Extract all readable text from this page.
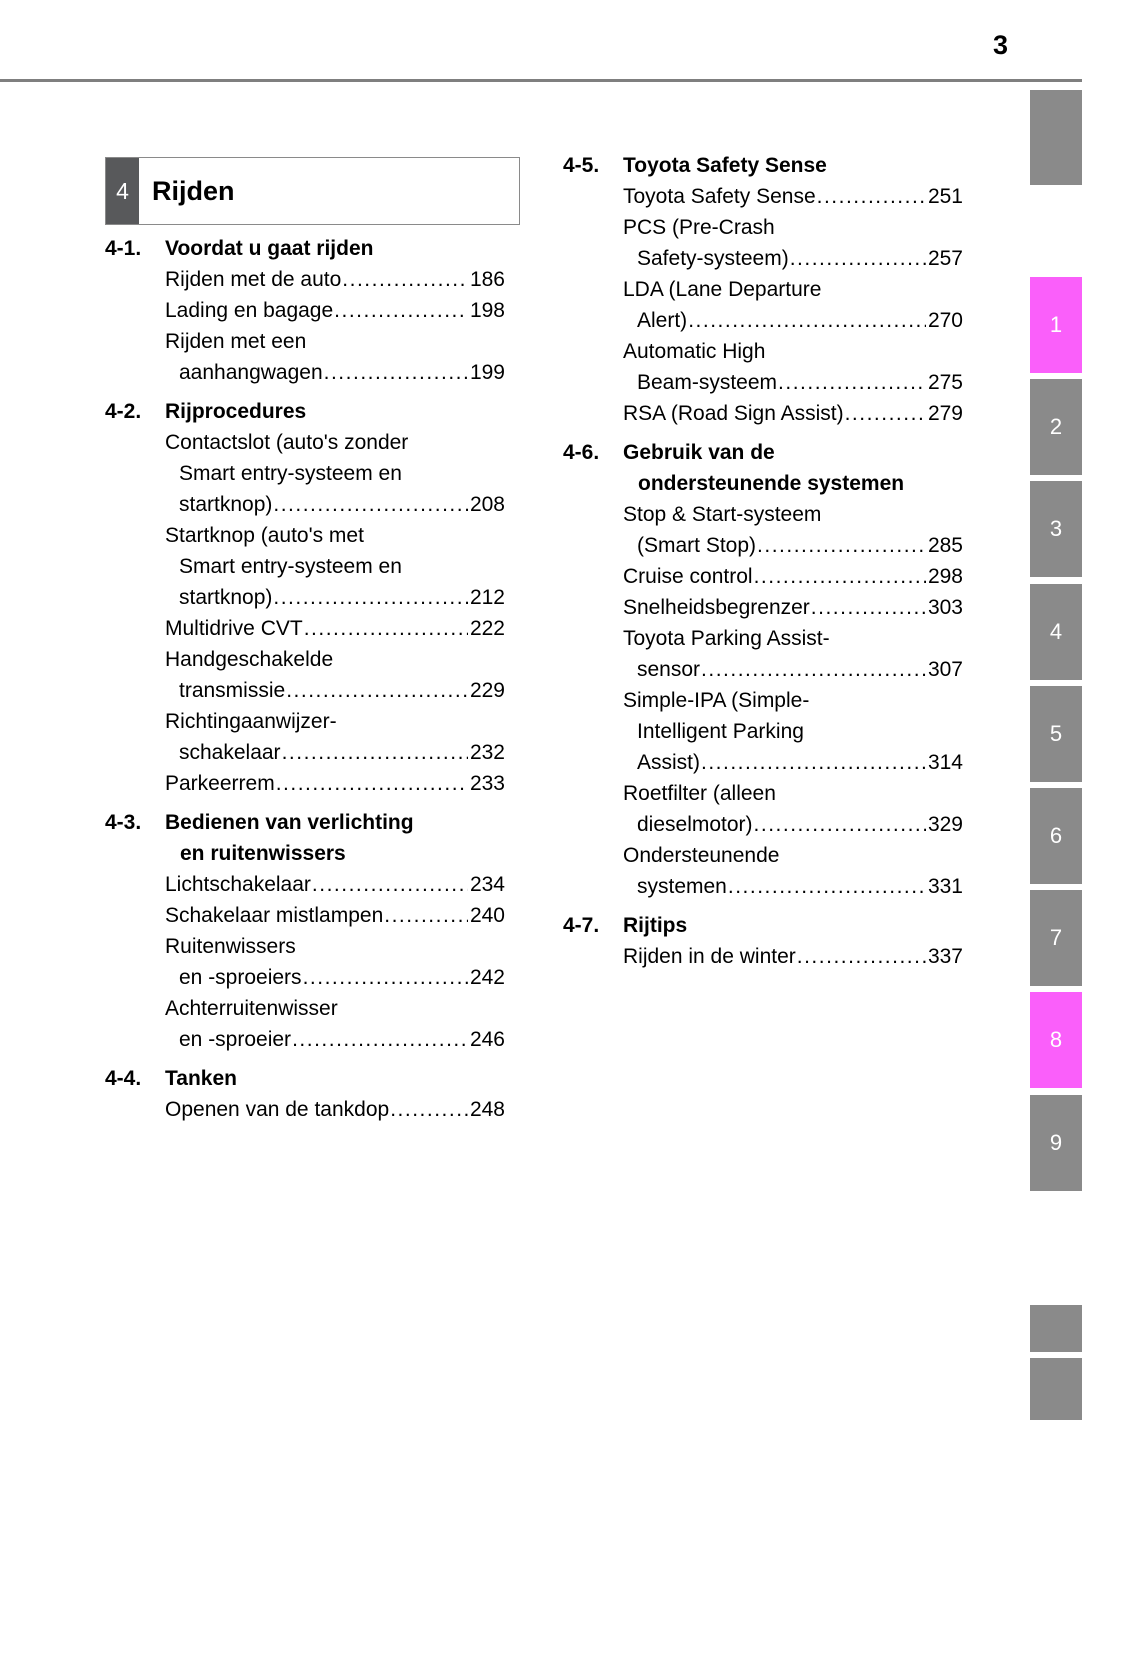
3
4 Rijden
4-1. Voordat u gaat rijden
Rijden met de auto .....	186
Lading en bagage .....	198
Rijden met een
aanhangwagen .....	199
4-2. Rijprocedures
Contactslot (auto's zonder
Smart entry-systeem en
startknop) .....	208
Startknop (auto's met
Smart entry-systeem en
startknop) .....	212
Multidrive CVT .....	222
Handgeschakelde
transmissie .....	229
Richtingaanwijzer-
schakelaar .....	232
Parkeerrem .....	233
4-3. Bedienen van verlichting
en ruitenwissers
Lichtschakelaar .....	234
Schakelaar mistlampen .....	240
Ruitenwissers
en -sproeiers .....	242
Achterruitenwisser
en -sproeier .....	246
4-4. Tanken
Openen van de tankdop .....	248
4-5. Toyota Safety Sense
Toyota Safety Sense .....	251
PCS (Pre-Crash
Safety-systeem) .....	257
LDA (Lane Departure
Alert) .....	270
Automatic High
Beam-systeem .....	275
RSA (Road Sign Assist) .....	279
4-6. Gebruik van de
ondersteunende systemen
Stop & Start-systeem
(Smart Stop) .....	285
Cruise control .....	298
Snelheidsbegrenzer .....	303
Toyota Parking Assist-
sensor .....	307
Simple-IPA (Simple-
Intelligent Parking
Assist) .....	314
Roetfilter (alleen
dieselmotor) .....	329
Ondersteunende
systemen .....	331
4-7. Rijtips
Rijden in de winter .....	337
1
2
3
4
5
6
7
8
9
